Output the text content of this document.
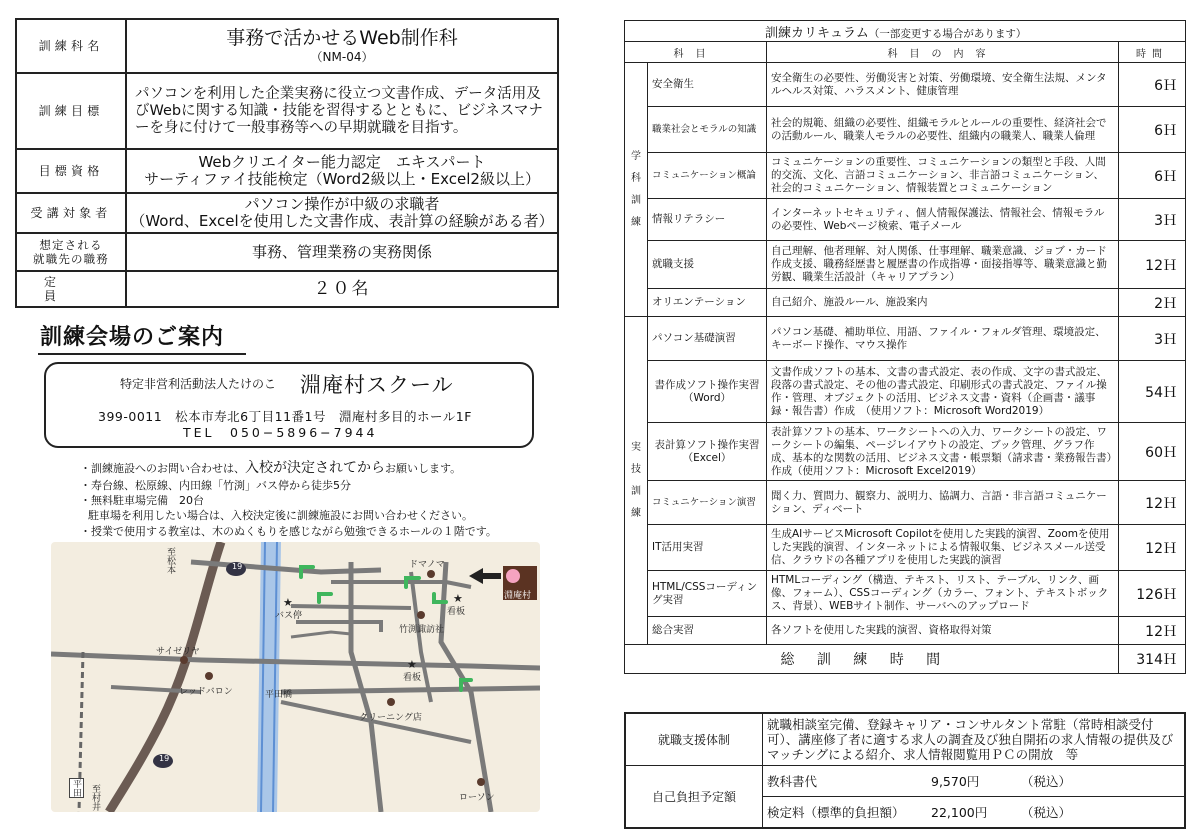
訓練科名	事務で活かせるWeb制作科
（NM-04）

訓練目標	パソコンを利用した企業実務に役立つ文書作成、データ活用及びWebに関する知識・技能を習得するとともに、ビジネスマナーを身に付けて一般事務等への早期就職を目指す。
目標資格	Webクリエイター能力認定　エキスパート
サーティファイ技能検定（Word2級以上・Excel2級以上）

受講対象者	パソコン操作が中級の求職者
（Word、Excelを使用した文書作成、表計算の経験がある者）

想定される
就職先の職務	事務、管理業務の実務関係
定　員	２０名
訓練会場のご案内
特定非営利活動法人たけのこ 淵庵村スクール
399-0011　松本市寿北6丁目11番1号　淵庵村多目的ホール1F
TEL　050−5896−7944
・訓練施設へのお問い合わせは、入校が決定されてからお願いします。
・寿台線、松原線、内田線「竹渕」バス停から徒歩5分
・無料駐車場完備　20台
駐車場を利用したい場合は、入校決定後に訓練施設にお問い合わせください。
・授業で使用する教室は、木のぬくもりを感じながら勉強できるホールの１階です。
★	★
★
至松本	19
19
バス停
ドマノマ
看板
竹渕諏訪社
看板
サイゼリヤ
レッドバロン	平田橋
クリーニング店
ローソン
平田	至村井
淵庵村
訓練カリキュラム（一部変更する場合があります）			
科目		科目の内容	時間

学科訓練	安全衛生	安全衛生の必要性、労働災害と対策、労働環境、安全衛生法規、メンタルヘルス対策、ハラスメント、健康管理	6Ｈ
	職業社会とモラルの知識	社会的規範、組織の必要性、組織モラルとルールの重要性、経済社会での活動ルール、職業人モラルの必要性、組織内の職業人、職業人倫理	6Ｈ
	コミュニケーション概論	コミュニケーションの重要性、コミュニケーションの類型と手段、人間的交流、文化、言語コミュニケーション、非言語コミュニケーション、社会的コミュニケーション、情報装置とコミュニケーション	6Ｈ
	情報リテラシー	インターネットセキュリティ、個人情報保護法、情報社会、情報モラルの必要性、Webページ検索、電子メール	3Ｈ
	就職支援	自己理解、他者理解、対人関係、仕事理解、職業意識、ジョブ・カード作成支援、職務経歴書と履歴書の作成指導・面接指導等、職業意識と勤労観、職業生活設計（キャリアプラン）	12Ｈ
	オリエンテーション	自己紹介、施設ルール、施設案内	2Ｈ

実技訓練	パソコン基礎演習	パソコン基礎、補助単位、用語、ファイル・フォルダ管理、環境設定、キーボード操作、マウス操作	3Ｈ
	書作成ソフト操作実習（Word）	文書作成ソフトの基本、文書の書式設定、表の作成、文字の書式設定、段落の書式設定、その他の書式設定、印刷形式の書式設定、ファイル操作・管理、オブジェクトの活用、ビジネス文書・資料（企画書・議事録・報告書）作成　（使用ソフト：Microsoft Word2019）	54Ｈ
	表計算ソフト操作実習（Excel）	表計算ソフトの基本、ワークシートへの入力、ワークシートの設定、ワークシートの編集、ページレイアウトの設定、ブック管理、グラフ作成、基本的な関数の活用、ビジネス文書・帳票類（請求書・業務報告書）作成（使用ソフト：Microsoft Excel2019）	60Ｈ
	コミュニケーション演習	聞く力、質問力、観察力、説明力、協調力、言語・非言語コミュニケーション、ディベート	12Ｈ
	IT活用実習	生成AIサービスMicrosoft Copilotを使用した実践的演習、Zoomを使用した実践的演習、インターネットによる情報収集、ビジネスメール送受信、クラウドの各種アプリを使用した実践的演習	12Ｈ
	HTML/CSSコーディング実習	HTMLコーディング（構造、テキスト、リスト、テーブル、リンク、画像、フォーム）、CSSコーディング（カラー、フォント、テキストボックス、背景）、WEBサイト制作、サーバへのアップロード	126Ｈ
	総合実習	各ソフトを使用した実践的演習、資格取得対策	12Ｈ
総訓練時間			314Ｈ
就職支援体制	就職相談室完備、登録キャリア・コンサルタント常駐（常時相談受付可）、講座修了者に適する求人の調査及び独自開拓の求人情報の提供及びマッチングによる紹介、求人情報閲覧用ＰＣの開放　等
自己負担予定額	教科書代 9,570円 （税込）
	検定料（標準的負担額） 22,100円 （税込）
